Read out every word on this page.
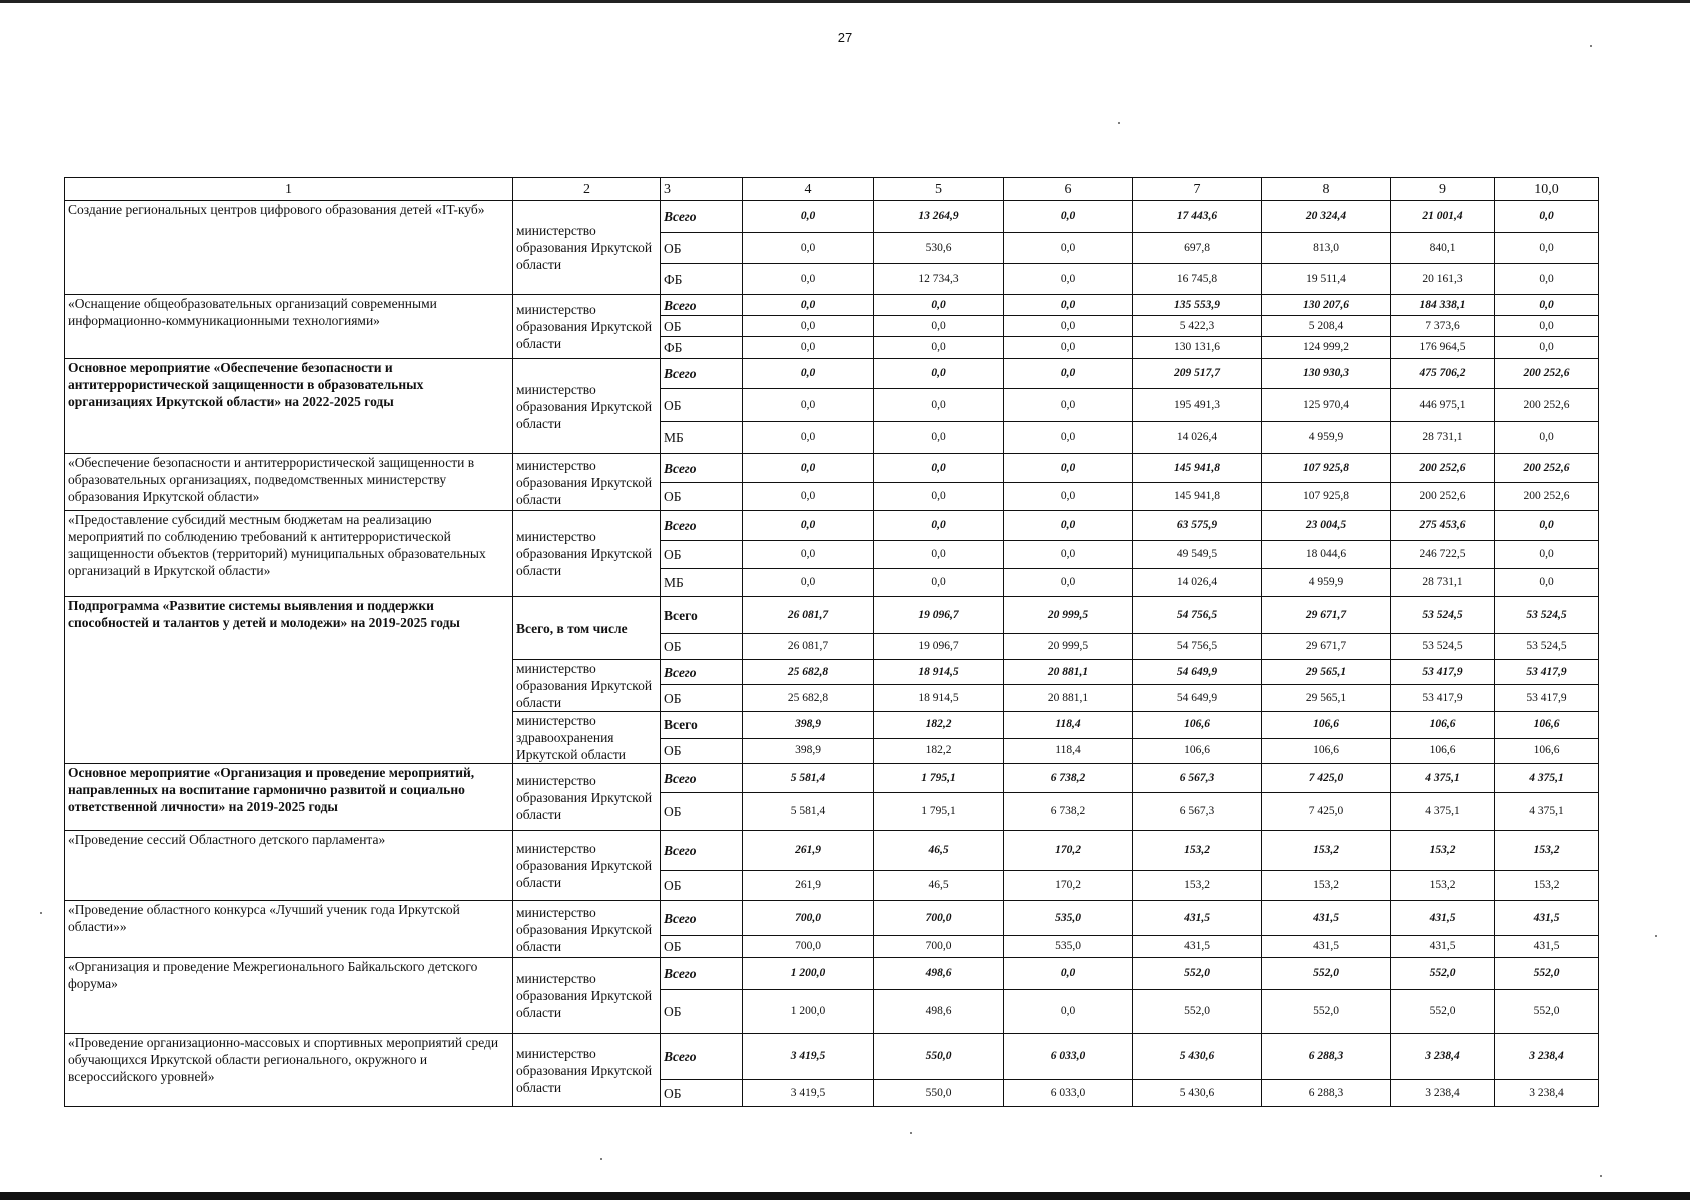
27
1	2	3	4	5	6	7	8	9	10,0
Создание региональных центров цифрового образования детей «IT-куб»	министерство образования Иркутской области	Всего	0,0	13 264,9	0,0	17 443,6	20 324,4	21 001,4	0,0
		ОБ	0,0	530,6	0,0	697,8	813,0	840,1	0,0
		ФБ	0,0	12 734,3	0,0	16 745,8	19 511,4	20 161,3	0,0
«Оснащение общеобразовательных организаций современными информационно-коммуникационными технологиями»	министерство образования Иркутской области	Всего	0,0	0,0	0,0	135 553,9	130 207,6	184 338,1	0,0
		ОБ	0,0	0,0	0,0	5 422,3	5 208,4	7 373,6	0,0
		ФБ	0,0	0,0	0,0	130 131,6	124 999,2	176 964,5	0,0
Основное мероприятие «Обеспечение безопасности и антитеррористической защищенности в образовательных организациях Иркутской области» на 2022-2025 годы	министерство образования Иркутской области	Всего	0,0	0,0	0,0	209 517,7	130 930,3	475 706,2	200 252,6
		ОБ	0,0	0,0	0,0	195 491,3	125 970,4	446 975,1	200 252,6
		МБ	0,0	0,0	0,0	14 026,4	4 959,9	28 731,1	0,0
«Обеспечение безопасности и антитеррористической защищенности в образовательных организациях, подведомственных министерству образования Иркутской области»	министерство образования Иркутской области	Всего	0,0	0,0	0,0	145 941,8	107 925,8	200 252,6	200 252,6
		ОБ	0,0	0,0	0,0	145 941,8	107 925,8	200 252,6	200 252,6
«Предоставление субсидий местным бюджетам на реализацию мероприятий по соблюдению требований к антитеррористической защищенности объектов (территорий) муниципальных образовательных организаций в Иркутской области»	министерство образования Иркутской области	Всего	0,0	0,0	0,0	63 575,9	23 004,5	275 453,6	0,0
		ОБ	0,0	0,0	0,0	49 549,5	18 044,6	246 722,5	0,0
		МБ	0,0	0,0	0,0	14 026,4	4 959,9	28 731,1	0,0
Подпрограмма «Развитие системы выявления и поддержки способностей и талантов у детей и молодежи» на 2019-2025 годы	Всего, в том числе	Всего	26 081,7	19 096,7	20 999,5	54 756,5	29 671,7	53 524,5	53 524,5
		ОБ	26 081,7	19 096,7	20 999,5	54 756,5	29 671,7	53 524,5	53 524,5
	министерство образования Иркутской области	Всего	25 682,8	18 914,5	20 881,1	54 649,9	29 565,1	53 417,9	53 417,9
		ОБ	25 682,8	18 914,5	20 881,1	54 649,9	29 565,1	53 417,9	53 417,9
	министерство здравоохранения Иркутской области	Всего	398,9	182,2	118,4	106,6	106,6	106,6	106,6
		ОБ	398,9	182,2	118,4	106,6	106,6	106,6	106,6
Основное мероприятие «Организация и проведение мероприятий, направленных на воспитание гармонично развитой и социально ответственной личности» на 2019-2025 годы	министерство образования Иркутской области	Всего	5 581,4	1 795,1	6 738,2	6 567,3	7 425,0	4 375,1	4 375,1
		ОБ	5 581,4	1 795,1	6 738,2	6 567,3	7 425,0	4 375,1	4 375,1
«Проведение сессий Областного детского парламента»	министерство образования Иркутской области	Всего	261,9	46,5	170,2	153,2	153,2	153,2	153,2
		ОБ	261,9	46,5	170,2	153,2	153,2	153,2	153,2
«Проведение областного конкурса «Лучший ученик года Иркутской области»»	министерство образования Иркутской области	Всего	700,0	700,0	535,0	431,5	431,5	431,5	431,5
		ОБ	700,0	700,0	535,0	431,5	431,5	431,5	431,5
«Организация и проведение Межрегионального Байкальского детского форума»	министерство образования Иркутской области	Всего	1 200,0	498,6	0,0	552,0	552,0	552,0	552,0
		ОБ	1 200,0	498,6	0,0	552,0	552,0	552,0	552,0
«Проведение организационно-массовых и спортивных мероприятий среди обучающихся Иркутской области регионального, окружного и всероссийского уровней»	министерство образования Иркутской области	Всего	3 419,5	550,0	6 033,0	5 430,6	6 288,3	3 238,4	3 238,4
		ОБ	3 419,5	550,0	6 033,0	5 430,6	6 288,3	3 238,4	3 238,4
